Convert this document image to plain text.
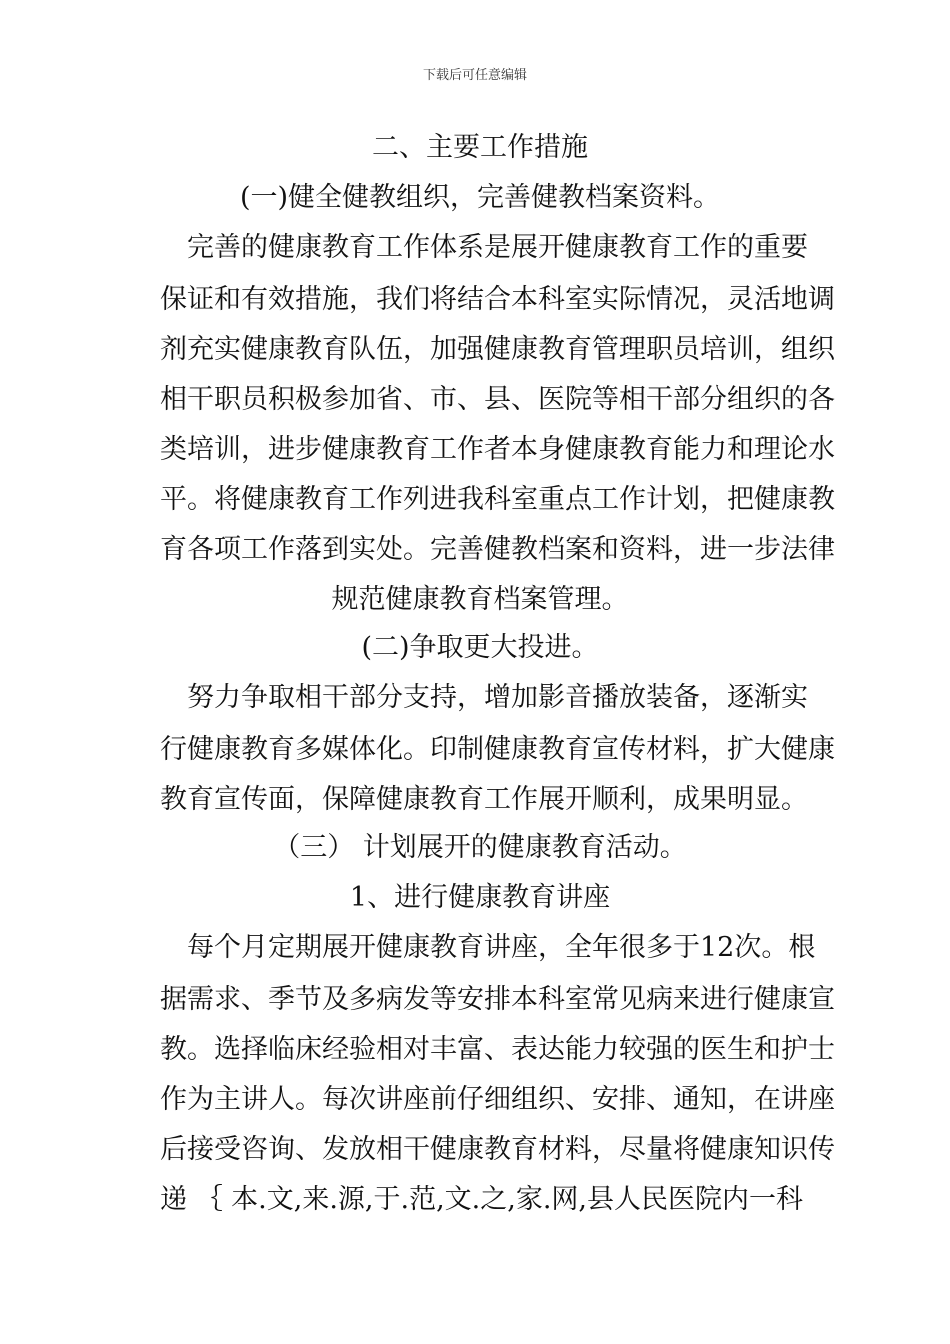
下载后可任意编辑
二、主要工作措施
(一)健全健教组织，完善健教档案资料。
　完善的健康教育工作体系是展开健康教育工作的重要
保证和有效措施，我们将结合本科室实际情况，灵活地调
剂充实健康教育队伍，加强健康教育管理职员培训，组织
相干职员积极参加省、市、县、医院等相干部分组织的各
类培训，进步健康教育工作者本身健康教育能力和理论水
平。将健康教育工作列进我科室重点工作计划，把健康教
育各项工作落到实处。完善健教档案和资料，进一步法律
规范健康教育档案管理。
(二)争取更大投进。
　努力争取相干部分支持，增加影音播放装备，逐渐实
行健康教育多媒体化。印制健康教育宣传材料，扩大健康
教育宣传面，保障健康教育工作展开顺利，成果明显。
（三） 计划展开的健康教育活动。
1、进行健康教育讲座
　每个月定期展开健康教育讲座，全年很多于12次。根
据需求、季节及多病发等安排本科室常见病来进行健康宣
教。选择临床经验相对丰富、表达能力较强的医生和护士
作为主讲人。每次讲座前仔细组织、安排、通知，在讲座
后接受咨询、发放相干健康教育材料，尽量将健康知识传
递 ｛ 本.文,来.源,于.范,文.之,家.网,县人民医院内一科
